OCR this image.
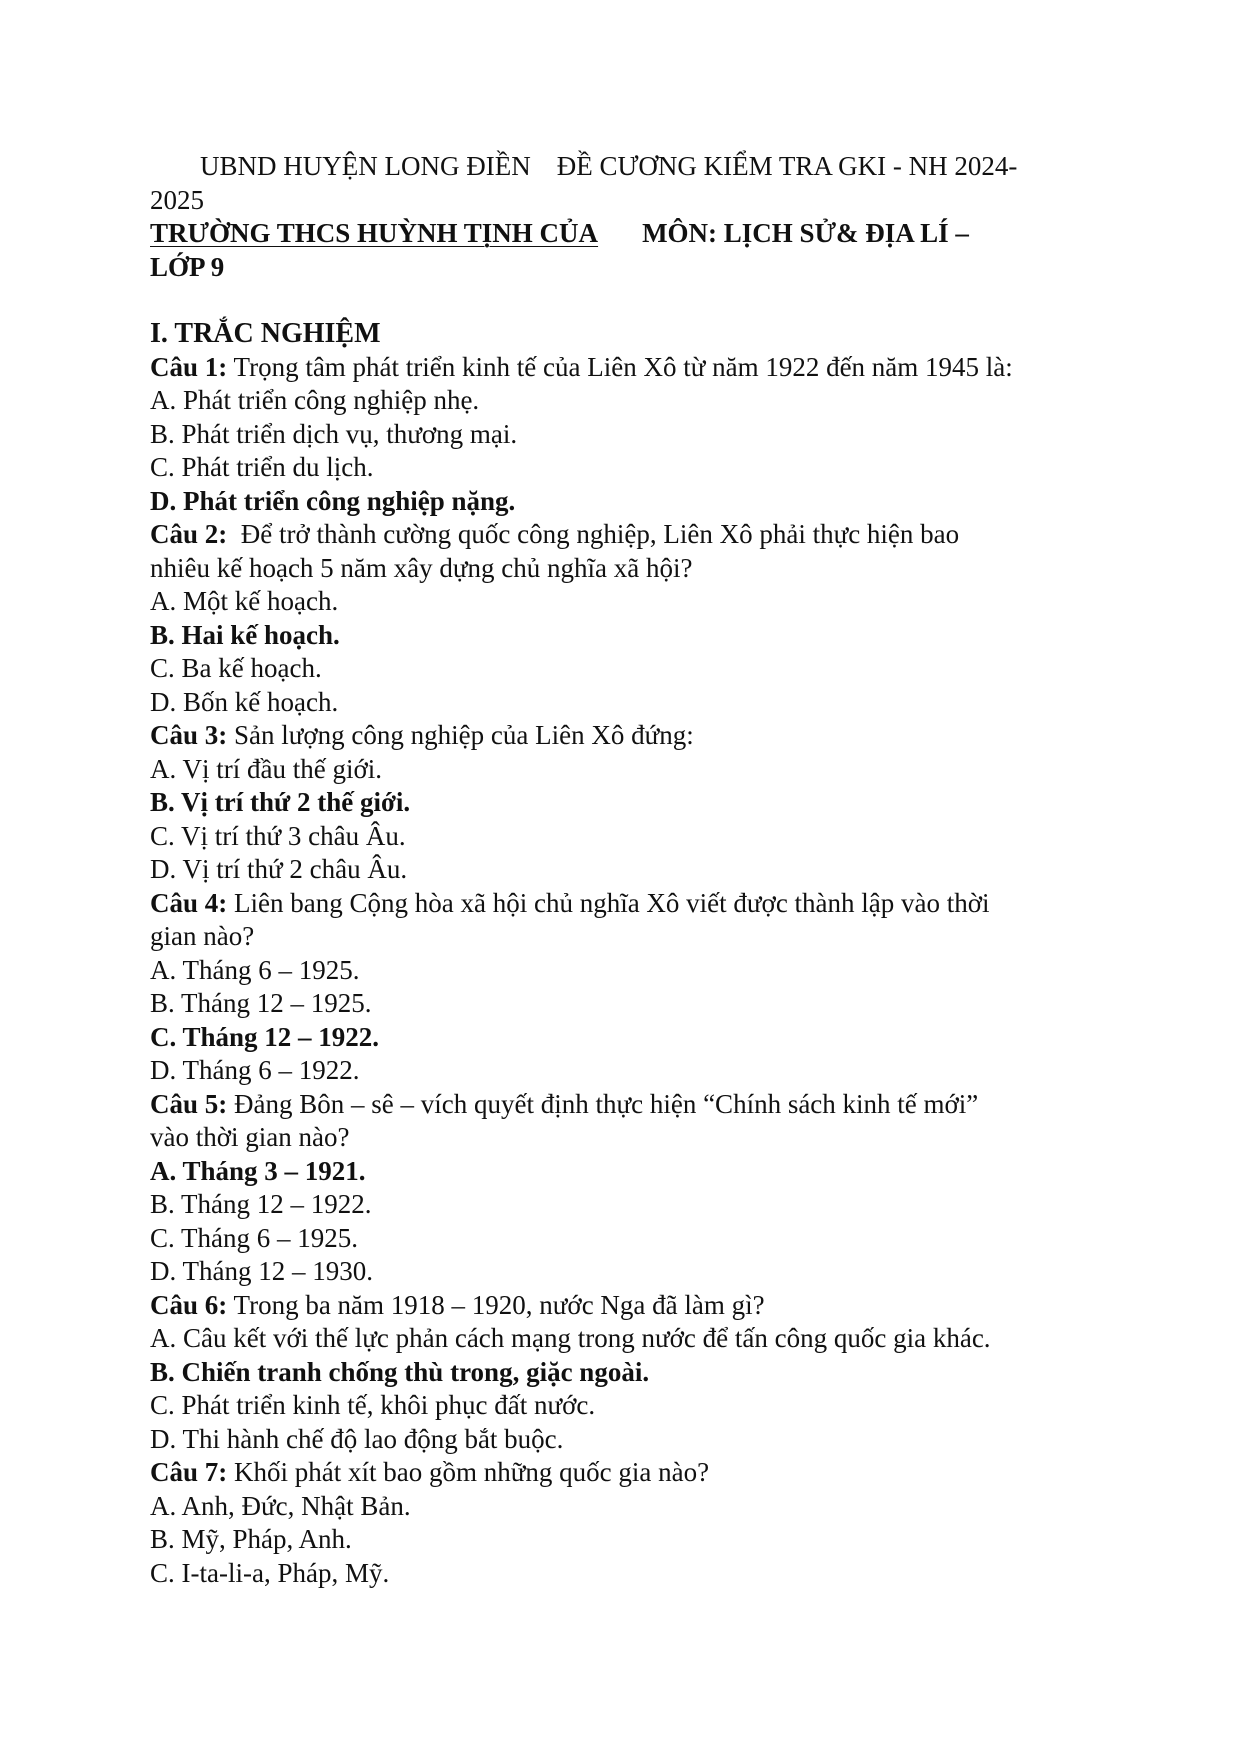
UBND HUYỆN LONG ĐIỀN ĐỀ CƯƠNG KIỂM TRA GKI - NH 2024-
2025
TRƯỜNG THCS HUỲNH TỊNH CỦA MÔN: LỊCH SỬ& ĐỊA LÍ –
LỚP 9
I. TRẮC NGHIỆM
Câu 1: Trọng tâm phát triển kinh tế của Liên Xô từ năm 1922 đến năm 1945 là:
A. Phát triển công nghiệp nhẹ.
B. Phát triển dịch vụ, thương mại.
C. Phát triển du lịch.
D. Phát triển công nghiệp nặng.
Câu 2:  Để trở thành cường quốc công nghiệp, Liên Xô phải thực hiện bao
nhiêu kế hoạch 5 năm xây dựng chủ nghĩa xã hội?
A. Một kế hoạch.
B. Hai kế hoạch.
C. Ba kế hoạch.
D. Bốn kế hoạch.
Câu 3: Sản lượng công nghiệp của Liên Xô đứng:
A. Vị trí đầu thế giới.
B. Vị trí thứ 2 thế giới.
C. Vị trí thứ 3 châu Âu.
D. Vị trí thứ 2 châu Âu.
Câu 4: Liên bang Cộng hòa xã hội chủ nghĩa Xô viết được thành lập vào thời
gian nào?
A. Tháng 6 – 1925.
B. Tháng 12 – 1925.
C. Tháng 12 – 1922.
D. Tháng 6 – 1922.
Câu 5: Đảng Bôn – sê – vích quyết định thực hiện “Chính sách kinh tế mới”
vào thời gian nào?
A. Tháng 3 – 1921.
B. Tháng 12 – 1922.
C. Tháng 6 – 1925.
D. Tháng 12 – 1930.
Câu 6: Trong ba năm 1918 – 1920, nước Nga đã làm gì?
A. Câu kết với thế lực phản cách mạng trong nước để tấn công quốc gia khác.
B. Chiến tranh chống thù trong, giặc ngoài.
C. Phát triển kinh tế, khôi phục đất nước.
D. Thi hành chế độ lao động bắt buộc.
Câu 7: Khối phát xít bao gồm những quốc gia nào?
A. Anh, Đức, Nhật Bản.
B. Mỹ, Pháp, Anh.
C. I-ta-li-a, Pháp, Mỹ.
